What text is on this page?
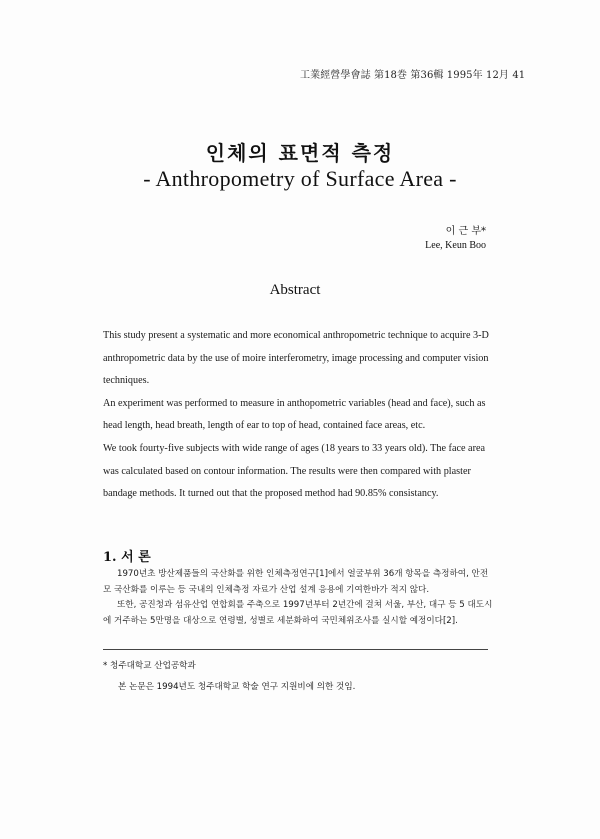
工業經營學會誌 第18巻 第36輯 1995年 12月 41
인체의 표면적 측정
- Anthropometry of Surface Area -
이 근 부*
Lee, Keun Boo
Abstract

This study present a systematic and more economical anthropometric technique to acquire 3-D anthropometric data by the use of moire interferometry, image processing and computer vision techniques.

An experiment was performed to measure in anthopometric variables (head and face), such as head length, head breath, length of ear to top of head, contained face areas, etc.

We took fourty-five subjects with wide range of ages (18 years to 33 years old). The face area was calculated based on contour information. The results were then compared with plaster bandage methods. It turned out that the proposed method had 90.85% consistancy.

1. 서 론

1970년초 방산제품들의 국산화를 위한 인체측정연구[1]에서 얼굴부위 36개 항목을 측정하여, 안전모 국산화를 이루는 등 국내의 인체측정 자료가 산업 설계 응용에 기여한바가 적지 않다.

또한, 공진청과 섬유산업 연합회를 주축으로 1997년부터 2년간에 걸쳐 서울, 부산, 대구 등 5 대도시에 거주하는 5만명을 대상으로 연령별, 성별로 세분화하여 국민체위조사를 실시할 예정이다[2].

* 청주대학교 산업공학과
본 논문은 1994년도 청주대학교 학술 연구 지원비에 의한 것임.
